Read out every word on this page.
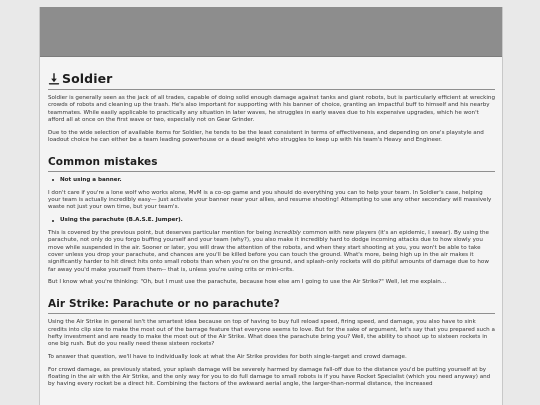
Soldier

Soldier is generally seen as the jack of all trades, capable of doing solid enough damage against tanks and giant robots, but is particularly efficient at wrecking crowds of robots and cleaning up the trash. He's also important for supporting with his banner of choice, granting an impactful buff to himself and his nearby teammates. While easily applicable to practically any situation in later waves, he struggles in early waves due to his expensive upgrades, which he won't afford all at once on the first wave or two, especially not on Gear Grinder.

Due to the wide selection of available items for Soldier, he tends to be the least consistent in terms of effectiveness, and depending on one's playstyle and loadout choice he can either be a team leading powerhouse or a dead weight who struggles to keep up with his team's Heavy and Engineer.

Common mistakes
Not using a banner.

I don't care if you're a lone wolf who works alone, MvM is a co-op game and you should do everything you can to help your team. In Soldier's case, helping your team is actually incredibly easy— just activate your banner near your allies, and resume shooting! Attempting to use any other secondary will massively waste not just your own time, but your team's.

Using the parachute (B.A.S.E. Jumper).

This is covered by the previous point, but deserves particular mention for being incredibly common with new players (it's an epidemic, I swear). By using the parachute, not only do you forgo buffing yourself and your team (why?), you also make it incredibly hard to dodge incoming attacks due to how slowly you move while suspended in the air. Sooner or later, you will draw the attention of the robots, and when they start shooting at you, you won't be able to take cover unless you drop your parachute, and chances are you'll be killed before you can touch the ground. What's more, being high up in the air makes it significantly harder to hit direct hits onto small robots than when you're on the ground, and splash-only rockets will do pitiful amounts of damage due to how far away you'd make yourself from them-- that is, unless you're using crits or mini-crits.

But I know what you're thinking: "Oh, but I must use the parachute, because how else am I going to use the Air Strike?" Well, let me explain...

Air Strike: Parachute or no parachute?

Using the Air Strike in general isn't the smartest idea because on top of having to buy full reload speed, firing speed, and damage, you also have to sink credits into clip size to make the most out of the barrage feature that everyone seems to love. But for the sake of argument, let's say that you prepared such a hefty investment and are ready to make the most out of the Air Strike. What does the parachute bring you? Well, the ability to shoot up to sixteen rockets in one big rush. But do you really need these sixteen rockets?

To answer that question, we'll have to individually look at what the Air Strike provides for both single-target and crowd damage.

For crowd damage, as previously stated, your splash damage will be severely harmed by damage fall-off due to the distance you'd be putting yourself at by floating in the air with the Air Strike, and the only way for you to do full damage to small robots is if you have Rocket Specialist (which you need anyway) and by having every rocket be a direct hit. Combining the factors of the awkward aerial angle, the larger-than-normal distance, the increased
